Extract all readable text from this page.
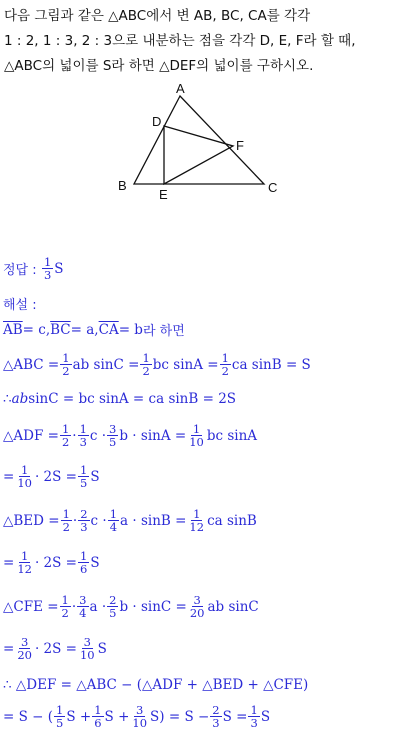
다음 그림과 같은 △ABC에서 변 AB, BC, CA를 각각
1 : 2, 1 : 3, 2 : 3으로 내분하는 점을 각각 D, E, F라 할 때,
△ABC의 넓이를 S라 하면 △DEF의 넓이를 구하시오.
A
B	C
D
E
F
정답 :
$\frac{1}{3}$ S
해설 :
$\overline{AB} = c$, $\overline{BC} = a$, $\overline{CA} = b$ 라 하면
△ABC = $\frac{1}{2}$ ab $\sin C = \frac{1}{2}$ bc $\sin A = \frac{1}{2}$ ca sinB = S
∴ ab sinC = bc sinA = ca sinB = 2S
△ADF = $\frac{1}{2} \cdot \frac{1}{3}$ $c \cdot \frac{3}{5}$ $b \cdot \sin A = \frac{1}{10}$ bc sinA
= $\frac{1}{10} \cdot 2S = \frac{1}{5}$ S
△BED = $\frac{1}{2} \cdot \frac{2}{3}$ $c \cdot \frac{1}{4}$ $a \cdot \sin B = \frac{1}{12}$ ca sinB
= $\frac{1}{12} \cdot 2S = \frac{1}{6}$ S
△CFE = $\frac{1}{2} \cdot \frac{3}{4}$ $a \cdot \frac{2}{5}$ $b \cdot \sin C = \frac{3}{20}$ ab sinC
= $\frac{3}{20} \cdot 2S = \frac{3}{10}$ S
∴ △DEF = △ABC − (△ADF + △BED + △CFE)
= S − ( $\frac{1}{5}$ $S + \frac{1}{6}$ $S + \frac{3}{10} S) = S - \frac{2}{3}$ $S = \frac{1}{3}$ S
